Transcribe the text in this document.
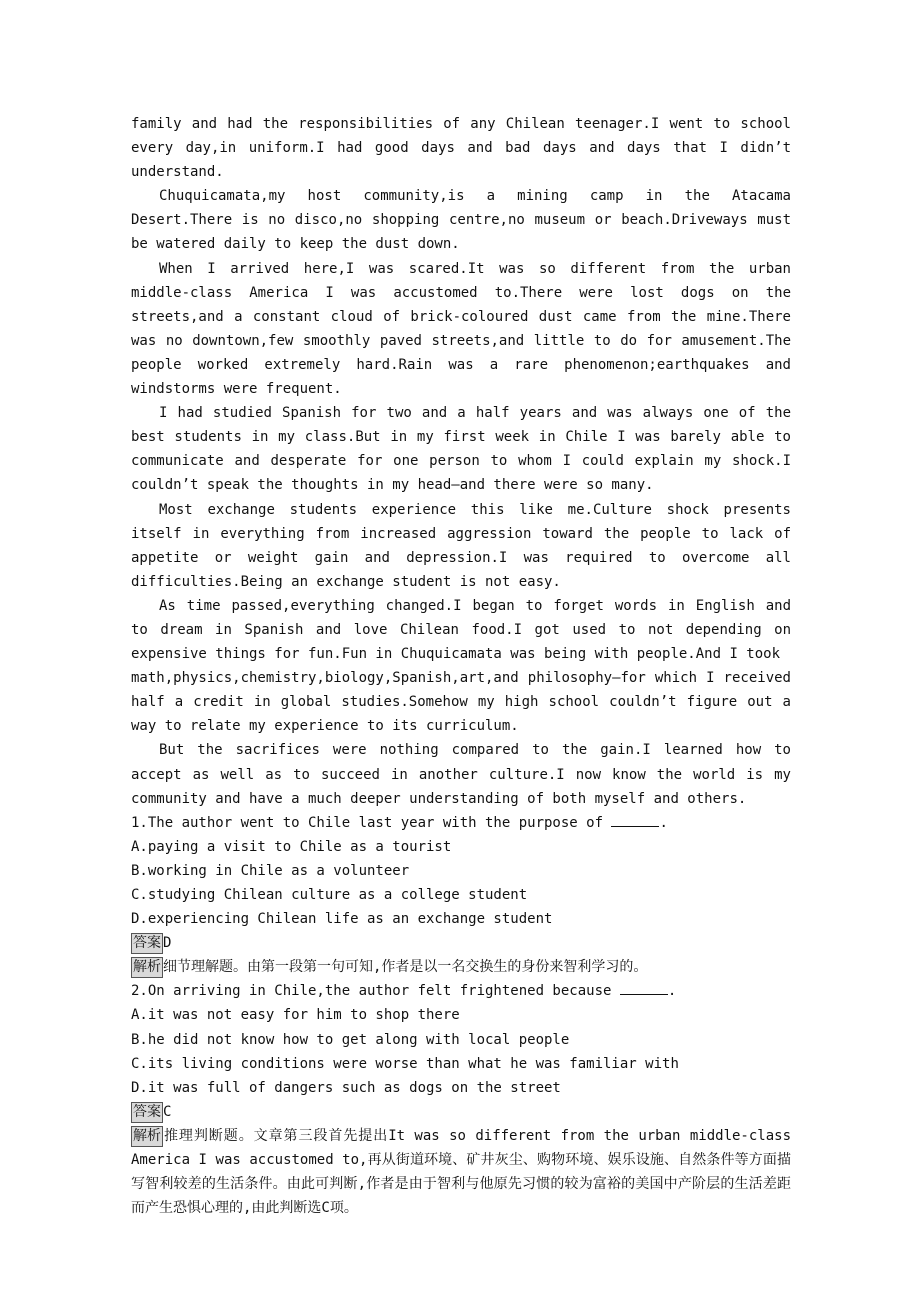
family and had the responsibilities of any Chilean teenager.I went to school every day,in uniform.I had good days and bad days and days that I didn’t understand.

Chuquicamata,my host community,is a mining camp in the Atacama Desert.There is no disco,no shopping centre,no museum or beach.Driveways must be watered daily to keep the dust down.

When I arrived here,I was scared.It was so different from the urban middle-class America I was accustomed to.There were lost dogs on the streets,and a constant cloud of brick-coloured dust came from the mine.There was no downtown,few smoothly paved streets,and little to do for amusement.The people worked extremely hard.Rain was a rare phenomenon;earthquakes and windstorms were frequent.

I had studied Spanish for two and a half years and was always one of the best students in my class.But in my first week in Chile I was barely able to communicate and desperate for one person to whom I could explain my shock.I couldn’t speak the thoughts in my head—and there were so many.

Most exchange students experience this like me.Culture shock presents itself in everything from increased aggression toward the people to lack of appetite or weight gain and depression.I was required to overcome all difficulties.Being an exchange student is not easy.

As time passed,everything changed.I began to forget words in English and to dream in Spanish and love Chilean food.I got used to not depending on expensive things for fun.Fun in Chuquicamata was being with people.And I took

math,physics,chemistry,biology,Spanish,art,and philosophy—for which I received half a credit in global studies.Somehow my high school couldn’t figure out a way to relate my experience to its curriculum.

But the sacrifices were nothing compared to the gain.I learned how to accept as well as to succeed in another culture.I now know the world is my community and have a much deeper understanding of both myself and others.

1.The author went to Chile last year with the purpose of	.

A.paying a visit to Chile as a tourist

B.working in Chile as a volunteer

C.studying Chilean culture as a college student

D.experiencing Chilean life as an exchange student

答案 D

解析 细节理解题。由第一段第一句可知,作者是以一名交换生的身份来智利学习的。

2.On arriving in Chile,the author felt frightened because	.

A.it was not easy for him to shop there

B.he did not know how to get along with local people

C.its living conditions were worse than what he was familiar with

D.it was full of dangers such as dogs on the street

答案 C

解析 推理判断题。文章第三段首先提出It was so different from the urban middle-class America I was accustomed to,再从街道环境、矿井灰尘、购物环境、娱乐设施、自然条件等方面描写智利较差的生活条件。由此可判断,作者是由于智利与他原先习惯的较为富裕的美国中产阶层的生活差距而产生恐惧心理的,由此判断选C项。
